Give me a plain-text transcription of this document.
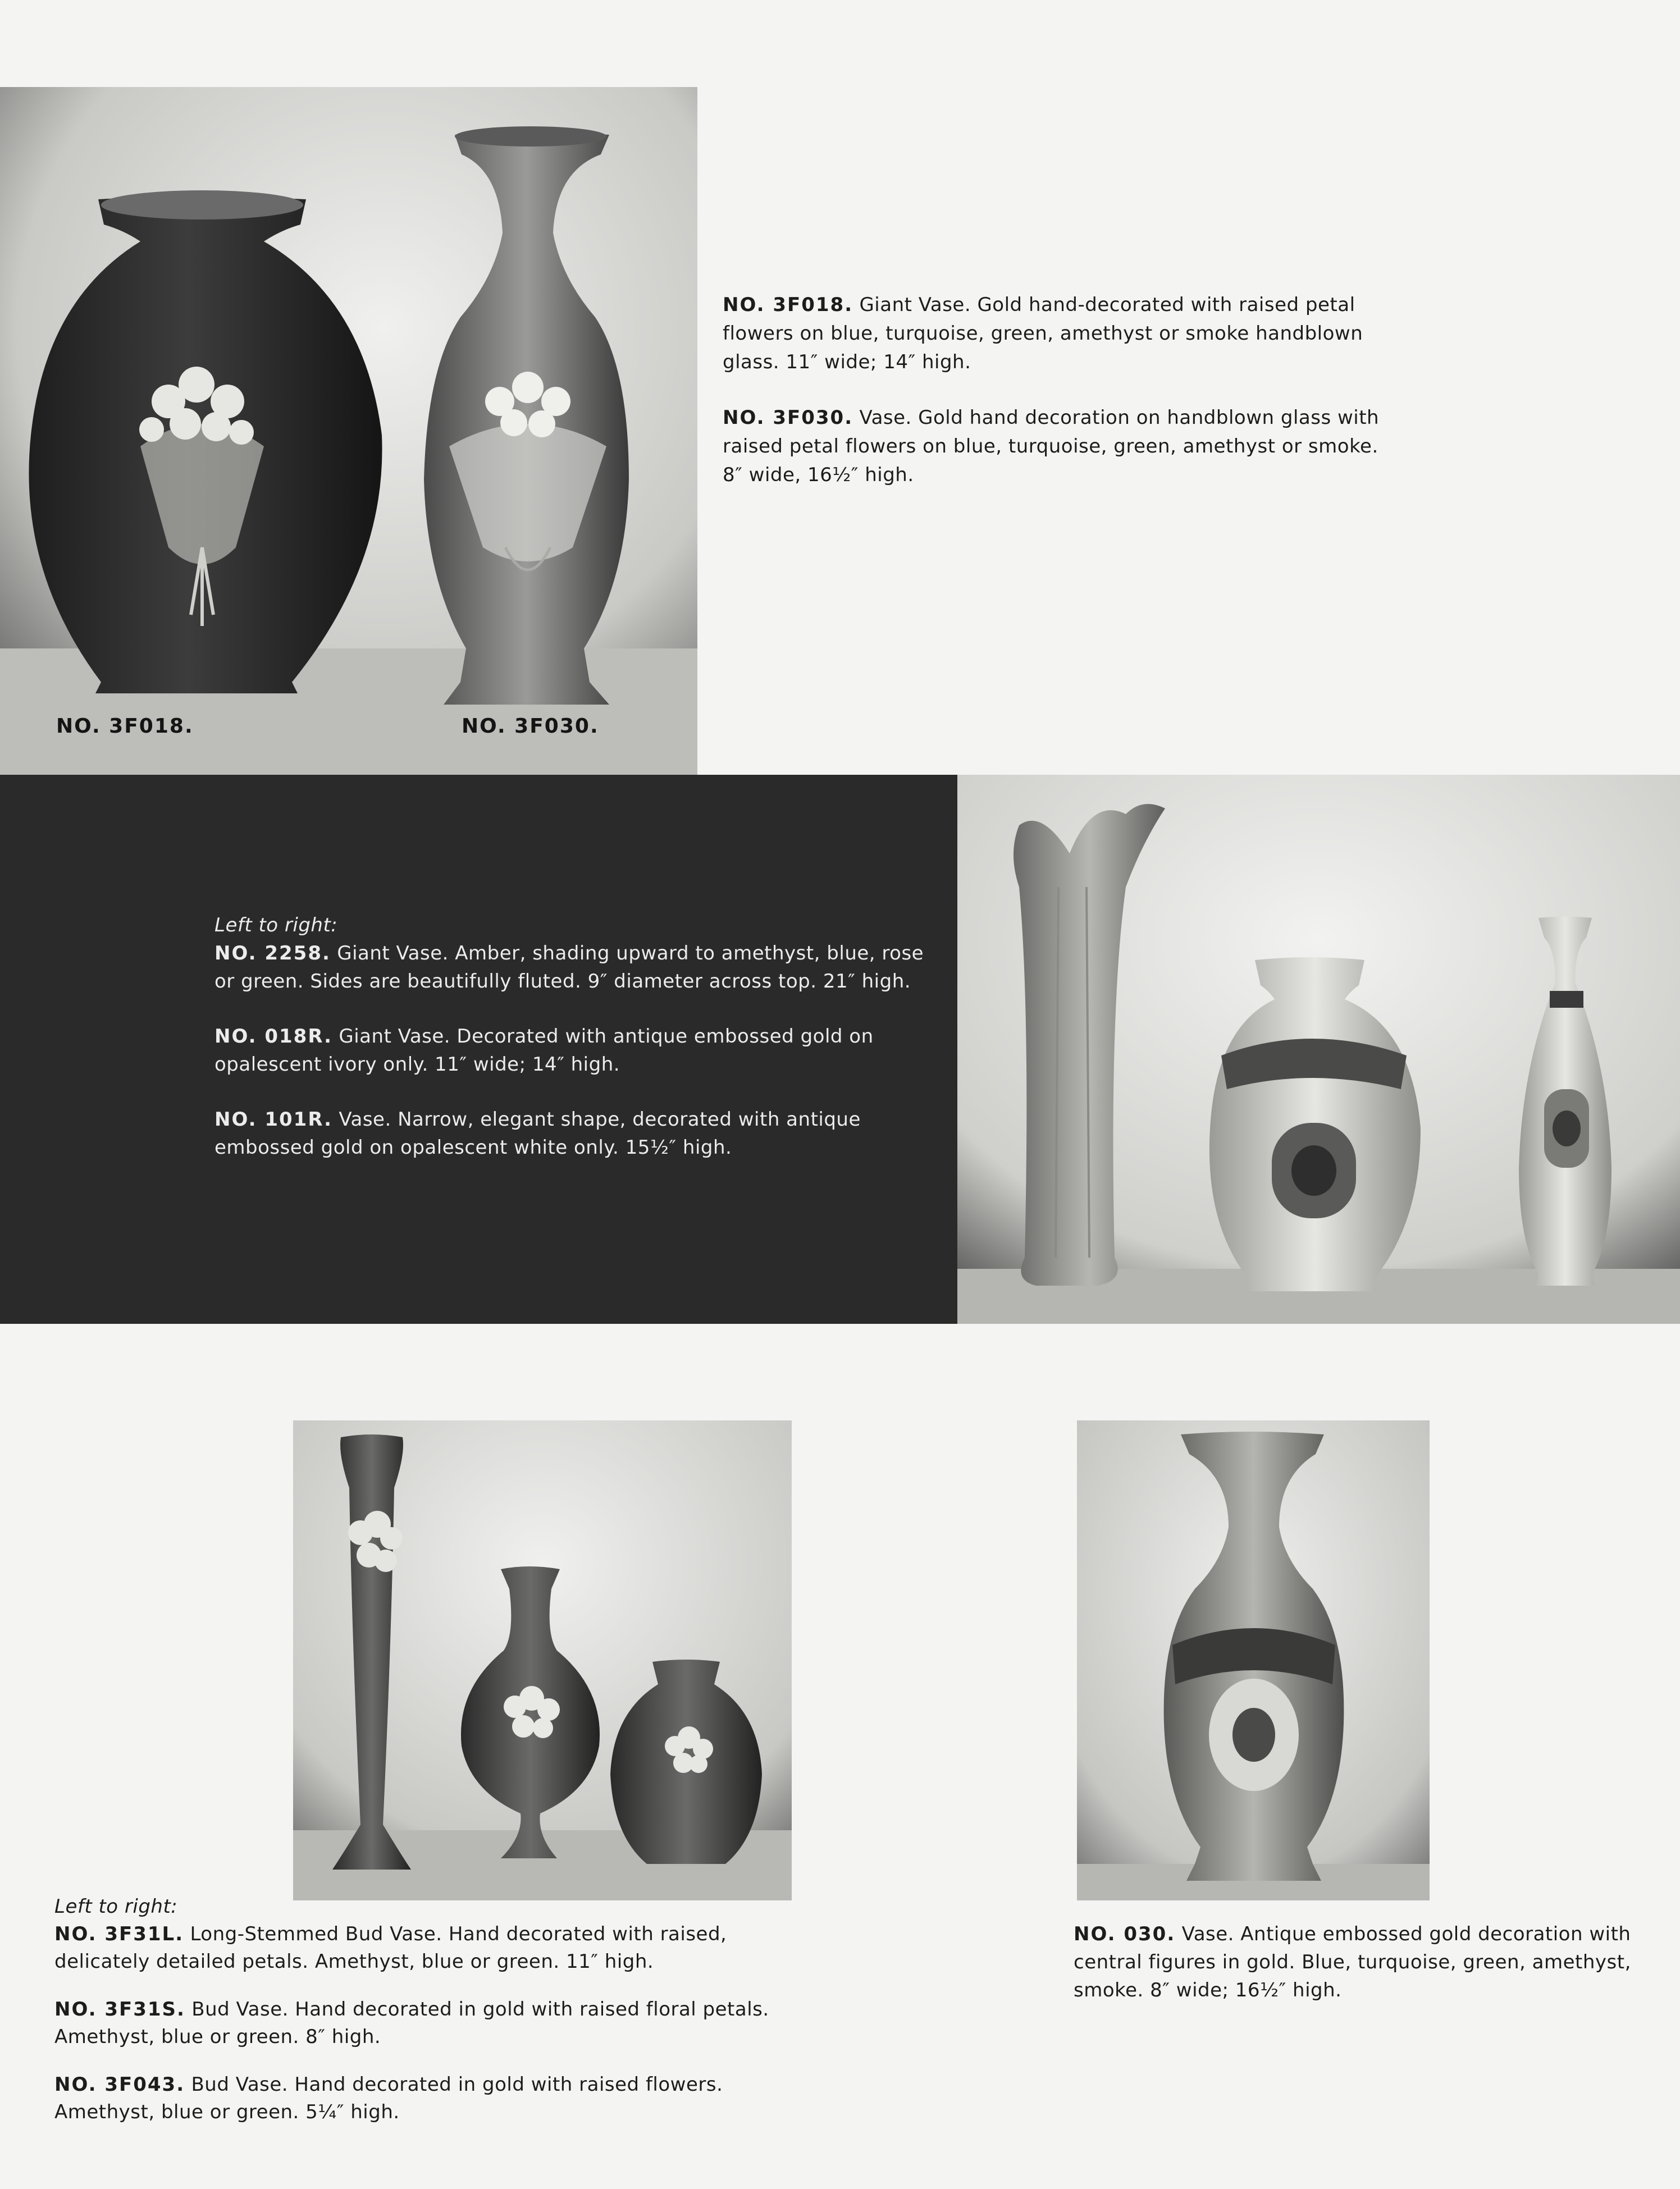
NO. 3F018.	NO. 3F030.

NO. 3F018. Giant Vase. Gold hand-decorated with raised petal flowers on blue, turquoise, green, amethyst or smoke handblown glass. 11″ wide; 14″ high.

NO. 3F030. Vase. Gold hand decoration on handblown glass with raised petal flowers on blue, turquoise, green, amethyst or smoke. 8″ wide, 16½″ high.

Left to right:

NO. 2258. Giant Vase. Amber, shading upward to amethyst, blue, rose or green. Sides are beautifully fluted. 9″ diameter across top. 21″ high.

NO. 018R. Giant Vase. Decorated with antique embossed gold on opalescent ivory only. 11″ wide; 14″ high.

NO. 101R. Vase. Narrow, elegant shape, decorated with antique embossed gold on opalescent white only. 15½″ high.

Left to right:

NO. 3F31L. Long-Stemmed Bud Vase. Hand decorated with raised, delicately detailed petals. Amethyst, blue or green. 11″ high.

NO. 3F31S. Bud Vase. Hand decorated in gold with raised floral petals. Amethyst, blue or green. 8″ high.

NO. 3F043. Bud Vase. Hand decorated in gold with raised flowers. Amethyst, blue or green. 5¼″ high.

NO. 030. Vase. Antique embossed gold decoration with central figures in gold. Blue, turquoise, green, amethyst, smoke. 8″ wide; 16½″ high.
